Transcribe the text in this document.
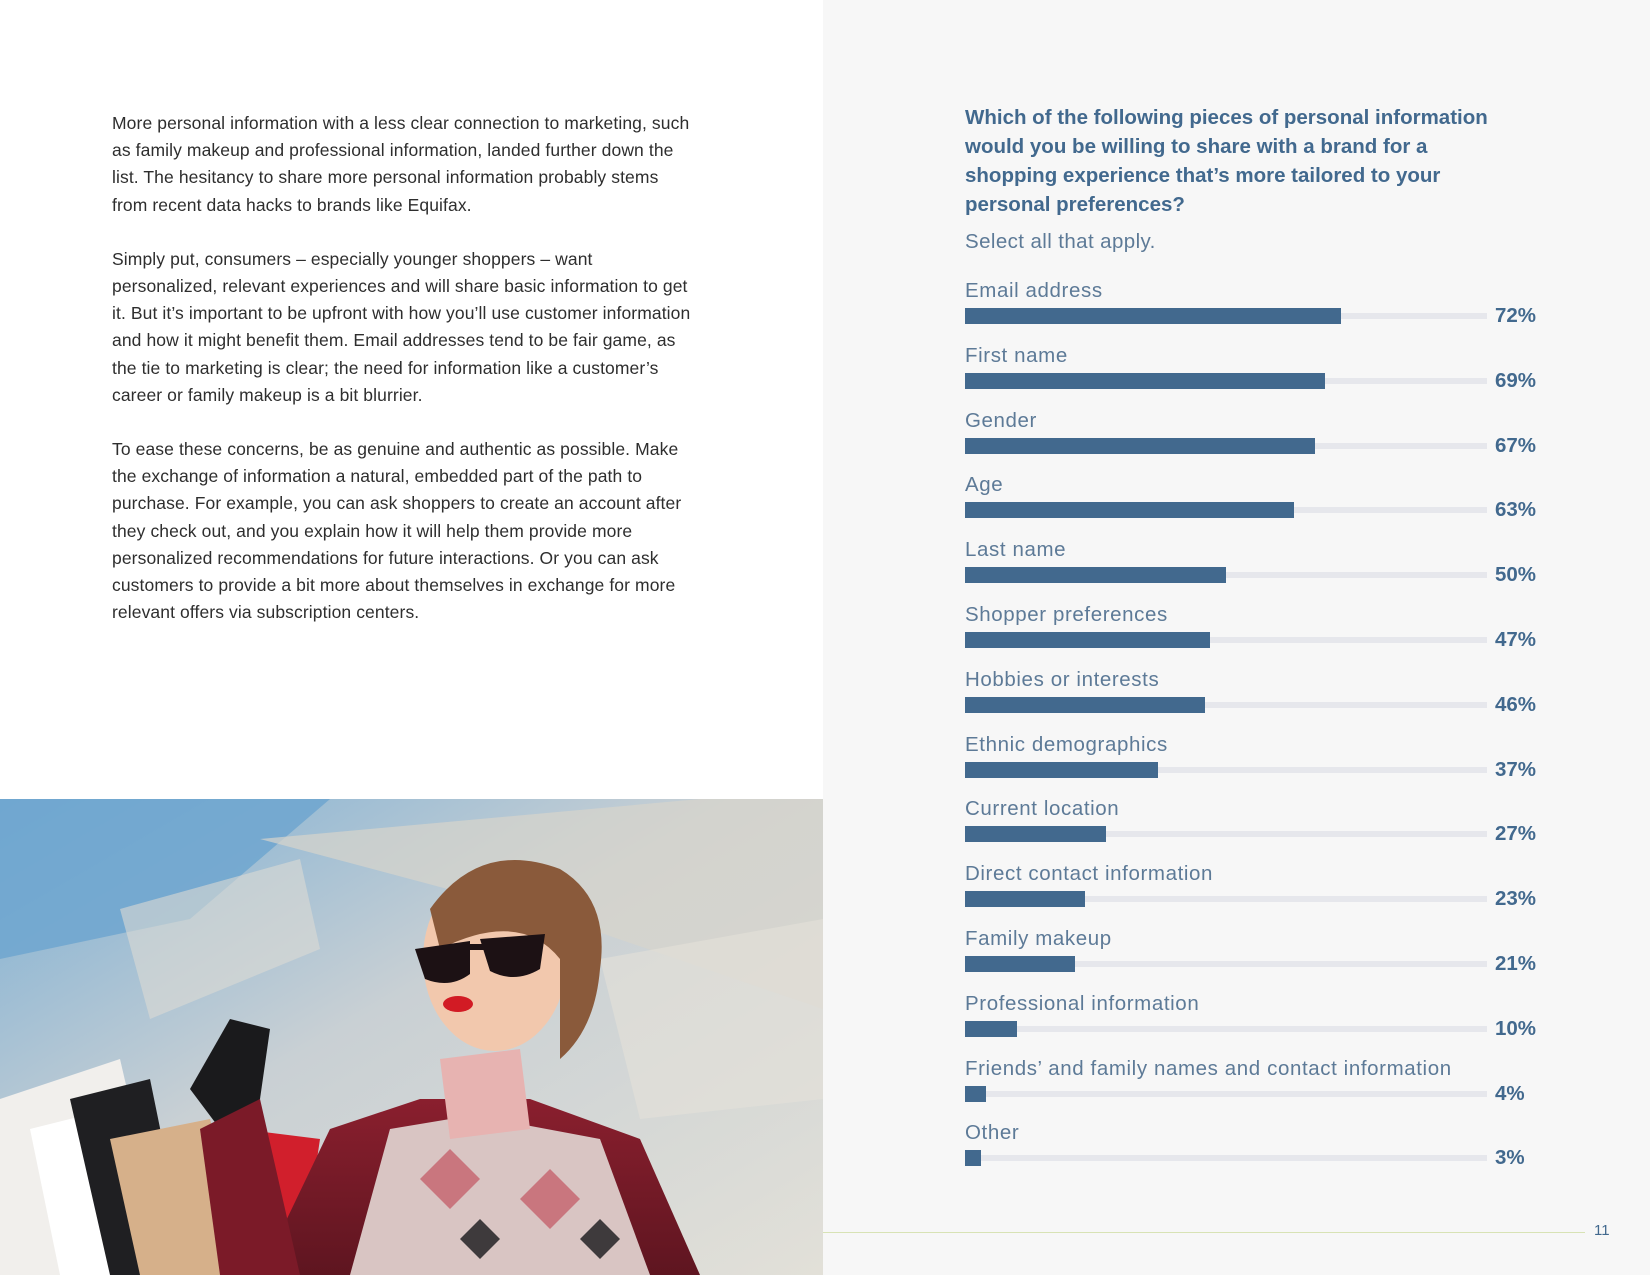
More personal information with a less clear connection to marketing, such as family makeup and professional information, landed further down the list. The hesitancy to share more personal information probably stems from recent data hacks to brands like Equifax.

Simply put, consumers – especially younger shoppers – want personalized, relevant experiences and will share basic information to get it. But it’s important to be upfront with how you’ll use customer information and how it might benefit them. Email addresses tend to be fair game, as the tie to marketing is clear; the need for information like a customer’s career or family makeup is a bit blurrier.

To ease these concerns, be as genuine and authentic as possible. Make the exchange of information a natural, embedded part of the path to purchase. For example, you can ask shoppers to create an account after they check out, and you explain how it will help them provide more personalized recommendations for future interactions. Or you can ask customers to provide a bit more about themselves in exchange for more relevant offers via subscription centers.

Which of the following pieces of personal information would you be willing to share with a brand for a shopping experience that’s more tailored to your personal preferences?
Select all that apply.
Email address
72%
First name
69%
Gender
67%
Age
63%
Last name
50%
Shopper preferences
47%
Hobbies or interests
46%
Ethnic demographics
37%
Current location
27%
Direct contact information
23%
Family makeup
21%
Professional information
10%
Friends’ and family names and contact information
4%
Other
3%
11
